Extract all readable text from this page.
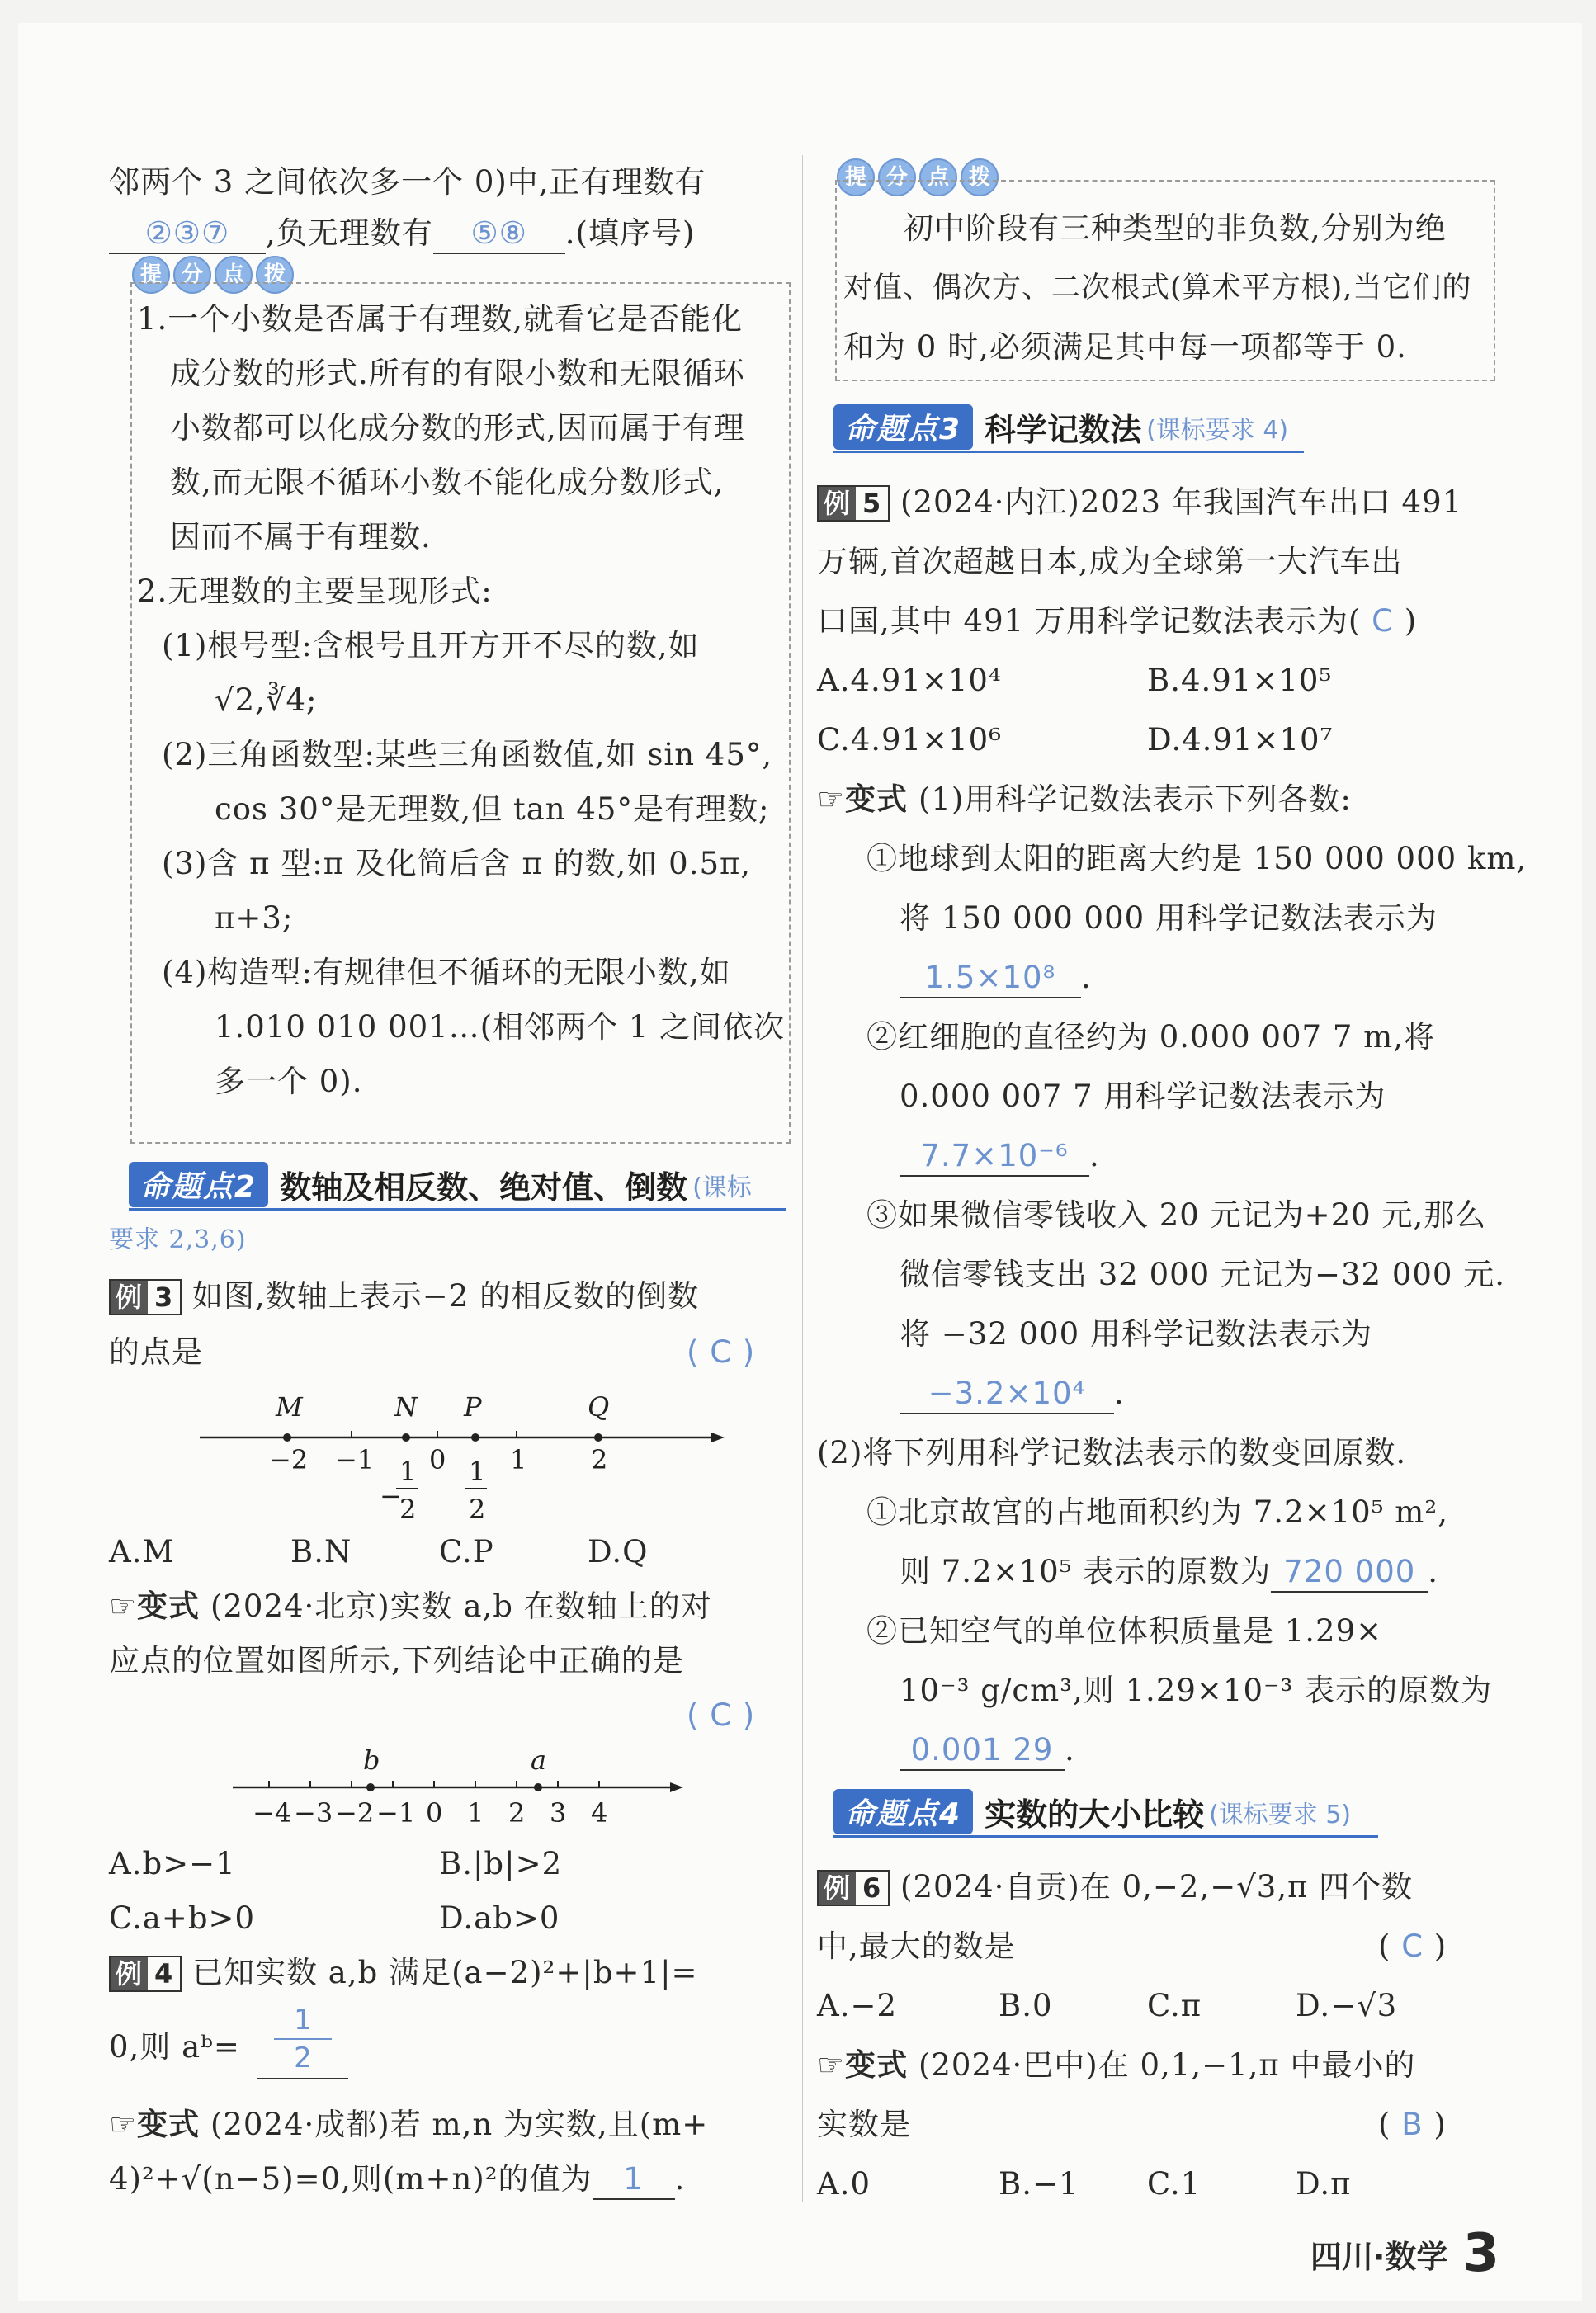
邻两个 3 之间依次多一个 0)中,正有理数有
②③⑦ ,负无理数有 ⑤⑧ .(填序号)
提 分 点 拨
1.一个小数是否属于有理数,就看它是否能化
成分数的形式.所有的有限小数和无限循环
小数都可以化成分数的形式,因而属于有理
数,而无限不循环小数不能化成分数形式,
因而不属于有理数.
2.无理数的主要呈现形式:
(1)根号型:含根号且开方开不尽的数,如
√2,∛4;
(2)三角函数型:某些三角函数值,如 sin 45°,
cos 30°是无理数,但 tan 45°是有理数;
(3)含 π 型:π 及化简后含 π 的数,如 0.5π,
π+3;
(4)构造型:有规律但不循环的无限小数,如
1.010 010 001…(相邻两个 1 之间依次
多一个 0).
命题点2 数轴及相反数、绝对值、倒数 (课标
要求 2,3,6)
例 3 如图,数轴上表示−2 的相反数的倒数
的点是	( C )
M	N P	Q
−2 −1 0 1 2
−
1
2
1
2
A.M	B.N	C.P	D.Q
☞变式 (2024·北京)实数 a,b 在数轴上的对
应点的位置如图所示,下列结论中正确的是
( C )
b	a
−4 −3 −2 −1 0 1 2 3 4
A.b>−1	B.|b|>2
C.a+b>0	D.ab>0
例 4 已知实数 a,b 满足(a−2)²+|b+1|=
0,则 aᵇ=
1
2
☞变式 (2024·成都)若 m,n 为实数,且(m+
4)²+√(n−5)=0,则(m+n)²的值为 1 .
提 分 点 拨
初中阶段有三种类型的非负数,分别为绝
对值、偶次方、二次根式(算术平方根),当它们的
和为 0 时,必须满足其中每一项都等于 0.
命题点3 科学记数法 (课标要求 4)
例 5 (2024·内江)2023 年我国汽车出口 491
万辆,首次超越日本,成为全球第一大汽车出
口国,其中 491 万用科学记数法表示为( C )
A.4.91×10⁴	B.4.91×10⁵
C.4.91×10⁶	D.4.91×10⁷
☞变式 (1)用科学记数法表示下列各数:
①地球到太阳的距离大约是 150 000 000 km,
将 150 000 000 用科学记数法表示为
1.5×10⁸ .
②红细胞的直径约为 0.000 007 7 m,将
0.000 007 7 用科学记数法表示为
7.7×10⁻⁶ .
③如果微信零钱收入 20 元记为+20 元,那么
微信零钱支出 32 000 元记为−32 000 元.
将 −32 000 用科学记数法表示为
−3.2×10⁴ .
(2)将下列用科学记数法表示的数变回原数.
①北京故宫的占地面积约为 7.2×10⁵ m²,
则 7.2×10⁵ 表示的原数为 720 000 .
②已知空气的单位体积质量是 1.29×
10⁻³ g/cm³,则 1.29×10⁻³ 表示的原数为
0.001 29 .
命题点4 实数的大小比较 (课标要求 5)
例 6 (2024·自贡)在 0,−2,−√3,π 四个数
中,最大的数是	( C )
A.−2	B.0	C.π	D.−√3
☞变式 (2024·巴中)在 0,1,−1,π 中最小的
实数是	( B )
A.0	B.−1 C.1	D.π
四川·数学 3
